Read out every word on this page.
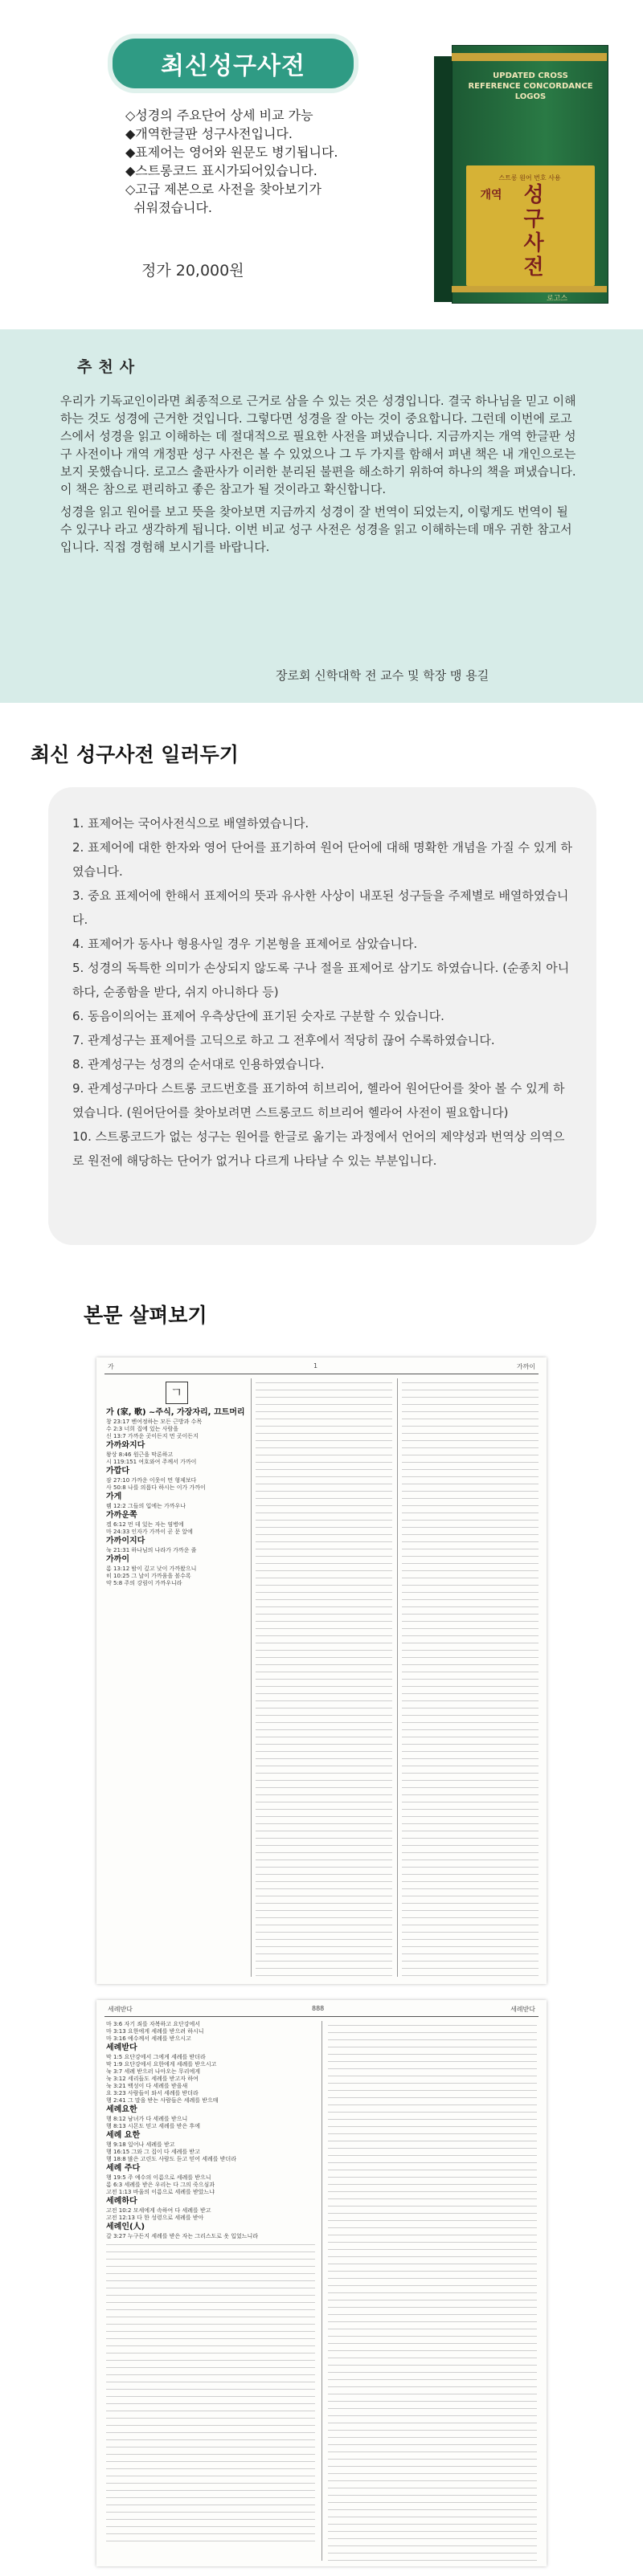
최신성구사전
◇성경의 주요단어 상세 비교 가능
◆개역한글판 성구사전입니다.
◆표제어는 영어와 원문도 병기됩니다.
◆스트롱코드 표시가되어있습니다.
◇고급 제본으로 사전을 찾아보기가
쉬워졌습니다.
정가 20,000원
UPDATED CROSS REFERENCE CONCORDANCE LOGOS
스트롱 원어 번호 사용
개역 성구사전
로고스
추천사

우리가 기독교인이라면 최종적으로 근거로 삼을 수 있는 것은 성경입니다. 결국 하나님을 믿고 이해하는 것도 성경에 근거한 것입니다. 그렇다면 성경을 잘 아는 것이 중요합니다. 그런데 이번에 로고스에서 성경을 읽고 이해하는 데 절대적으로 필요한 사전을 펴냈습니다. 지금까지는 개역 한글판 성구 사전이나 개역 개정판 성구 사전은 볼 수 있었으나 그 두 가지를 함해서 펴낸 책은 내 개인으로는 보지 못했습니다. 로고스 출판사가 이러한 분리된 불편을 해소하기 위하여 하나의 책을 펴냈습니다. 이 책은 참으로 편리하고 좋은 참고가 될 것이라고 확신합니다.

성경을 읽고 원어를 보고 뜻을 찾아보면 지금까지 성경이 잘 번역이 되었는지, 이렇게도 번역이 될 수 있구나 라고 생각하게 됩니다. 이번 비교 성구 사전은 성경을 읽고 이해하는데 매우 귀한 참고서입니다. 직접 경험해 보시기를 바랍니다.

장로회 신학대학 전 교수 및 학장 맹 용길
최신 성구사전 일러두기

1. 표제어는 국어사전식으로 배열하였습니다.

2. 표제어에 대한 한자와 영어 단어를 표기하여 원어 단어에 대해 명확한 개념을 가질 수 있게 하였습니다.

3. 중요 표제어에 한해서 표제어의 뜻과 유사한 사상이 내포된 성구들을 주제별로 배열하였습니다.

4. 표제어가 동사나 형용사일 경우 기본형을 표제어로 삼았습니다.

5. 성경의 독특한 의미가 손상되지 않도록 구나 절을 표제어로 삼기도 하였습니다. (순종치 아니하다, 순종함을 받다, 쉬지 아니하다 등)

6. 동음이의어는 표제어 우측상단에 표기된 숫자로 구분할 수 있습니다.

7. 관계성구는 표제어를 고딕으로 하고 그 전후에서 적당히 끊어 수록하였습니다.

8. 관계성구는 성경의 순서대로 인용하였습니다.

9. 관계성구마다 스트롱 코드번호를 표기하여 히브리어, 헬라어 원어단어를 찾아 볼 수 있게 하였습니다. (원어단어를 찾아보려면 스트롱코드 히브리어 헬라어 사전이 필요합니다)

10. 스트롱코드가 없는 성구는 원어를 한글로 옮기는 과정에서 언어의 제약성과 번역상 의역으로 원전에 해당하는 단어가 없거나 다르게 나타날 수 있는 부분입니다.

본문 살펴보기
가	1	가까이
ㄱ
가 (家, 歌) ~주식, 가장자리, 끄트머리
창 23:17 벤여정하는 모든 근방과 수목
수 2:3 너희 집에 있는 사람을
신 13:7 가까운 곳이든지 먼 곳이든지
가까와지다
왕상 8:46 원근을 막론하고
시 119:151 여호와여 주께서 가까이
가깝다
잠 27:10 가까운 이웃이 먼 형제보다
사 50:8 나를 의롭다 하시는 이가 가까이
가게
렘 12:2 그들의 입에는 가까우나
가까운쪽
겔 6:12 먼 데 있는 자는 염병에
마 24:33 인자가 가까이 곧 문 앞에
가까이지다
눅 21:31 하나님의 나라가 가까운 줄
가까이
롬 13:12 밤이 깊고 낮이 가까왔으니
히 10:25 그 날이 가까움을 볼수록
약 5:8 주의 강림이 가까우니라
세례받다	888	세례받다
마 3:6 자기 죄를 자복하고 요단강에서
마 3:13 요한에게 세례를 받으려 하시니
마 3:16 예수께서 세례를 받으시고
세례받다
막 1:5 요단강에서 그에게 세례를 받더라
막 1:9 요단강에서 요한에게 세례를 받으시고
눅 3:7 세례 받으러 나아오는 무리에게
눅 3:12 세리들도 세례를 받고자 하여
눅 3:21 백성이 다 세례를 받을새
요 3:23 사람들이 와서 세례를 받더라
행 2:41 그 말을 받는 사람들은 세례를 받으매
세례요한
행 8:12 남녀가 다 세례를 받으니
행 8:13 시몬도 믿고 세례를 받은 후에
세례 요한
행 9:18 일어나 세례를 받고
행 16:15 그와 그 집이 다 세례를 받고
행 18:8 많은 고린도 사람도 듣고 믿어 세례를 받더라
세례 주다
행 19:5 주 예수의 이름으로 세례를 받으니
롬 6:3 세례를 받은 우리는 다 그의 죽으심과
고전 1:13 바울의 이름으로 세례를 받았느냐
세례하다
고전 10:2 모세에게 속하여 다 세례를 받고
고전 12:13 다 한 성령으로 세례를 받아
세례인(人)
갈 3:27 누구든지 세례를 받은 자는 그리스도로 옷 입었느니라
